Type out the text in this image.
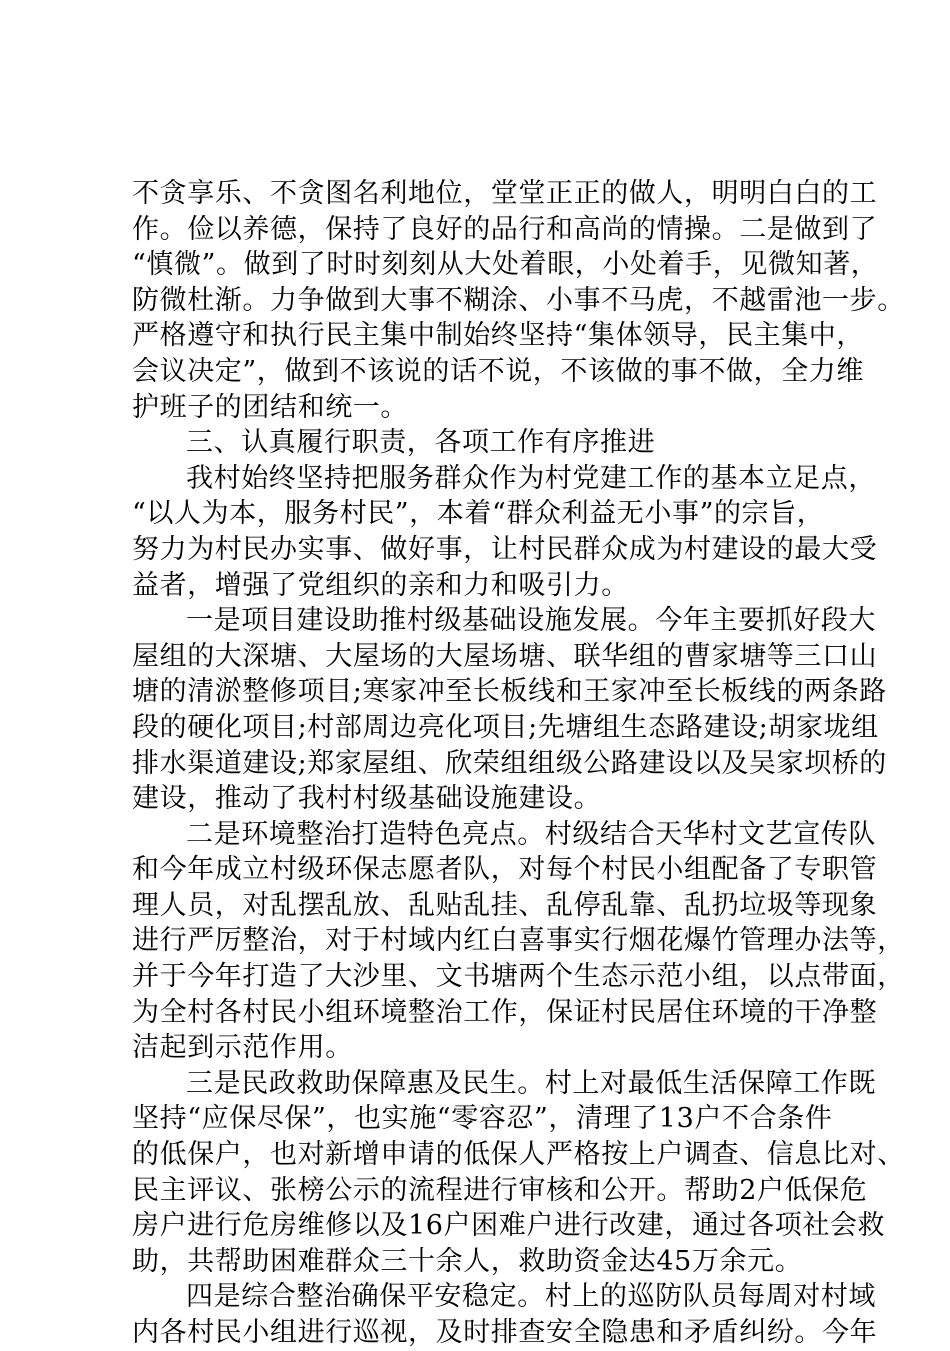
不贪享乐、不贪图名利地位，堂堂正正的做人，明明白白的工
作。俭以养德，保持了良好的品行和高尚的情操。二是做到了
“慎微”。做到了时时刻刻从大处着眼，小处着手，见微知著，
防微杜渐。力争做到大事不糊涂、小事不马虎，不越雷池一步。
严格遵守和执行民主集中制始终坚持“集体领导，民主集中，
会议决定”，做到不该说的话不说，不该做的事不做，全力维
护班子的团结和统一。
三、认真履行职责，各项工作有序推进
我村始终坚持把服务群众作为村党建工作的基本立足点，
“以人为本，服务村民”，本着“群众利益无小事”的宗旨，
努力为村民办实事、做好事，让村民群众成为村建设的最大受
益者，增强了党组织的亲和力和吸引力。
一是项目建设助推村级基础设施发展。今年主要抓好段大
屋组的大深塘、大屋场的大屋场塘、联华组的曹家塘等三口山
塘的清淤整修项目;寒家冲至长板线和王家冲至长板线的两条路
段的硬化项目;村部周边亮化项目;先塘组生态路建设;胡家垅组
排水渠道建设;郑家屋组、欣荣组组级公路建设以及吴家坝桥的
建设，推动了我村村级基础设施建设。
二是环境整治打造特色亮点。村级结合天华村文艺宣传队
和今年成立村级环保志愿者队，对每个村民小组配备了专职管
理人员，对乱摆乱放、乱贴乱挂、乱停乱靠、乱扔垃圾等现象
进行严厉整治，对于村域内红白喜事实行烟花爆竹管理办法等，
并于今年打造了大沙里、文书塘两个生态示范小组，以点带面，
为全村各村民小组环境整治工作，保证村民居住环境的干净整
洁起到示范作用。
三是民政救助保障惠及民生。村上对最低生活保障工作既
坚持“应保尽保”，也实施“零容忍”，清理了13户不合条件
的低保户，也对新增申请的低保人严格按上户调查、信息比对、
民主评议、张榜公示的流程进行审核和公开。帮助2户低保危
房户进行危房维修以及16户困难户进行改建，通过各项社会救
助，共帮助困难群众三十余人，救助资金达45万余元。
四是综合整治确保平安稳定。村上的巡防队员每周对村域
内各村民小组进行巡视，及时排查安全隐患和矛盾纠纷。今年
